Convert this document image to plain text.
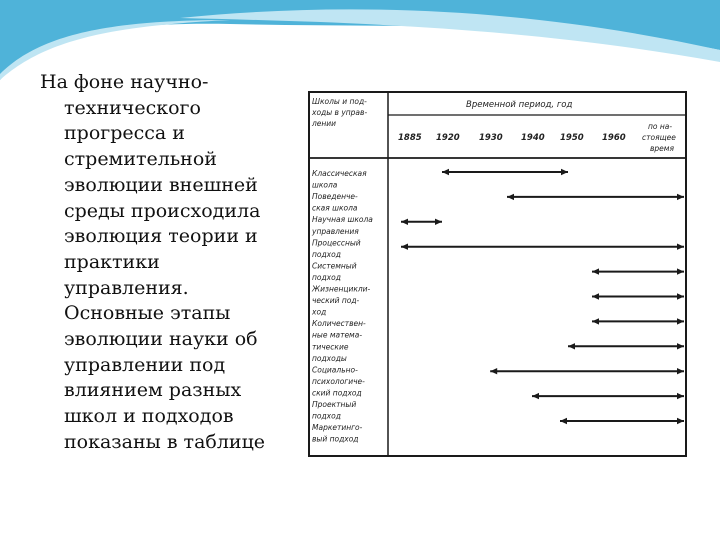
На фоне научно-
технического
прогресса и
стремительной
эволюции внешней
среды происходила
эволюция теории и
практики
управления.
Основные этапы
эволюции науки об
управлении под
влиянием разных
школ и подходов
показаны в таблице

Школы и под-
ходы в управ-
лении
Временной период, год
1885 1920 1930 1940 1950 1960
по на-
стоящее
время
Классическая
школа
Поведенче-
ская школа
Научная школа
управления
Процессный
подход
Системный
подход
Жизненцикли-
ческий под-
ход
Количествен-
ные матема-
тические
подходы
Социально-
психологиче-
ский подход
Проектный
подход
Маркетинго-
вый подход
